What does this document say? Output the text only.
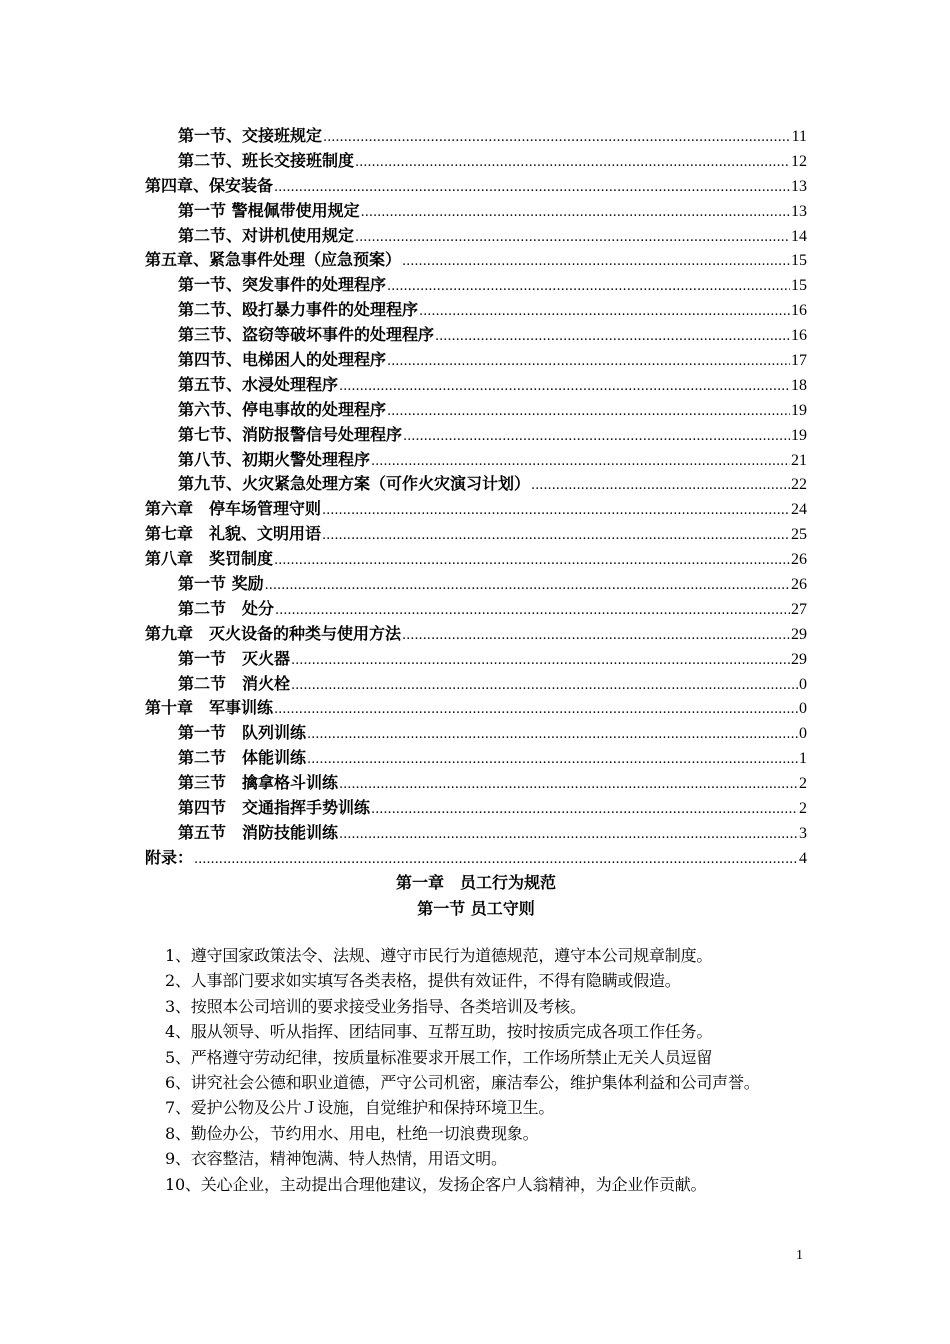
第一节、交接班规定 .....	11
第二节、班长交接班制度 .....	12
第四章、保安装备 .....	13
第一节 警棍佩带使用规定 .....	13
第二节、对讲机使用规定 .....	14
第五章、紧急事件处理（应急预案） .....	15
第一节、突发事件的处理程序 .....	15
第二节、殴打暴力事件的处理程序 .....	16
第三节、盗窃等破坏事件的处理程序 .....	16
第四节、电梯困人的处理程序 .....	17
第五节、水浸处理程序 .....	18
第六节、停电事故的处理程序 .....	19
第七节、消防报警信号处理程序 .....	19
第八节、初期火警处理程序 .....	21
第九节、火灾紧急处理方案（可作火灾演习计划） .....	22
第六章　停车场管理守则 .....	24
第七章　礼貌、文明用语 .....	25
第八章　奖罚制度 .....	26
第一节 奖励 .....	26
第二节　处分 .....	27
第九章　灭火设备的种类与使用方法 .....	29
第一节　灭火器 .....	29
第二节　消火栓 .....	0
第十章　军事训练 .....	0
第一节　队列训练 .....	0
第二节　体能训练 .....	1
第三节　擒拿格斗训练 .....	2
第四节　交通指挥手势训练 .....	2
第五节　消防技能训练 .....	3
附录： .....	4
第一章　员工行为规范
第一节 员工守则
1、遵守国家政策法令、法规、遵守市民行为道德规范，遵守本公司规章制度。
2、人事部门要求如实填写各类表格，提供有效证件，不得有隐瞒或假造。
3、按照本公司培训的要求接受业务指导、各类培训及考核。
4、服从领导、听从指挥、团结同事、互帮互助，按时按质完成各项工作任务。
5、严格遵守劳动纪律，按质量标准要求开展工作，工作场所禁止无关人员逗留
6、讲究社会公德和职业道德，严守公司机密，廉洁奉公，维护集体利益和公司声誉。
7、爱护公物及公片Ｊ设施，自觉维护和保持环境卫生。
8、勤俭办公，节约用水、用电，杜绝一切浪费现象。
9、衣容整洁，精神饱满、特人热情，用语文明。
10、关心企业，主动提出合理他建议，发扬企客户人翁精神，为企业作贡献。
1
